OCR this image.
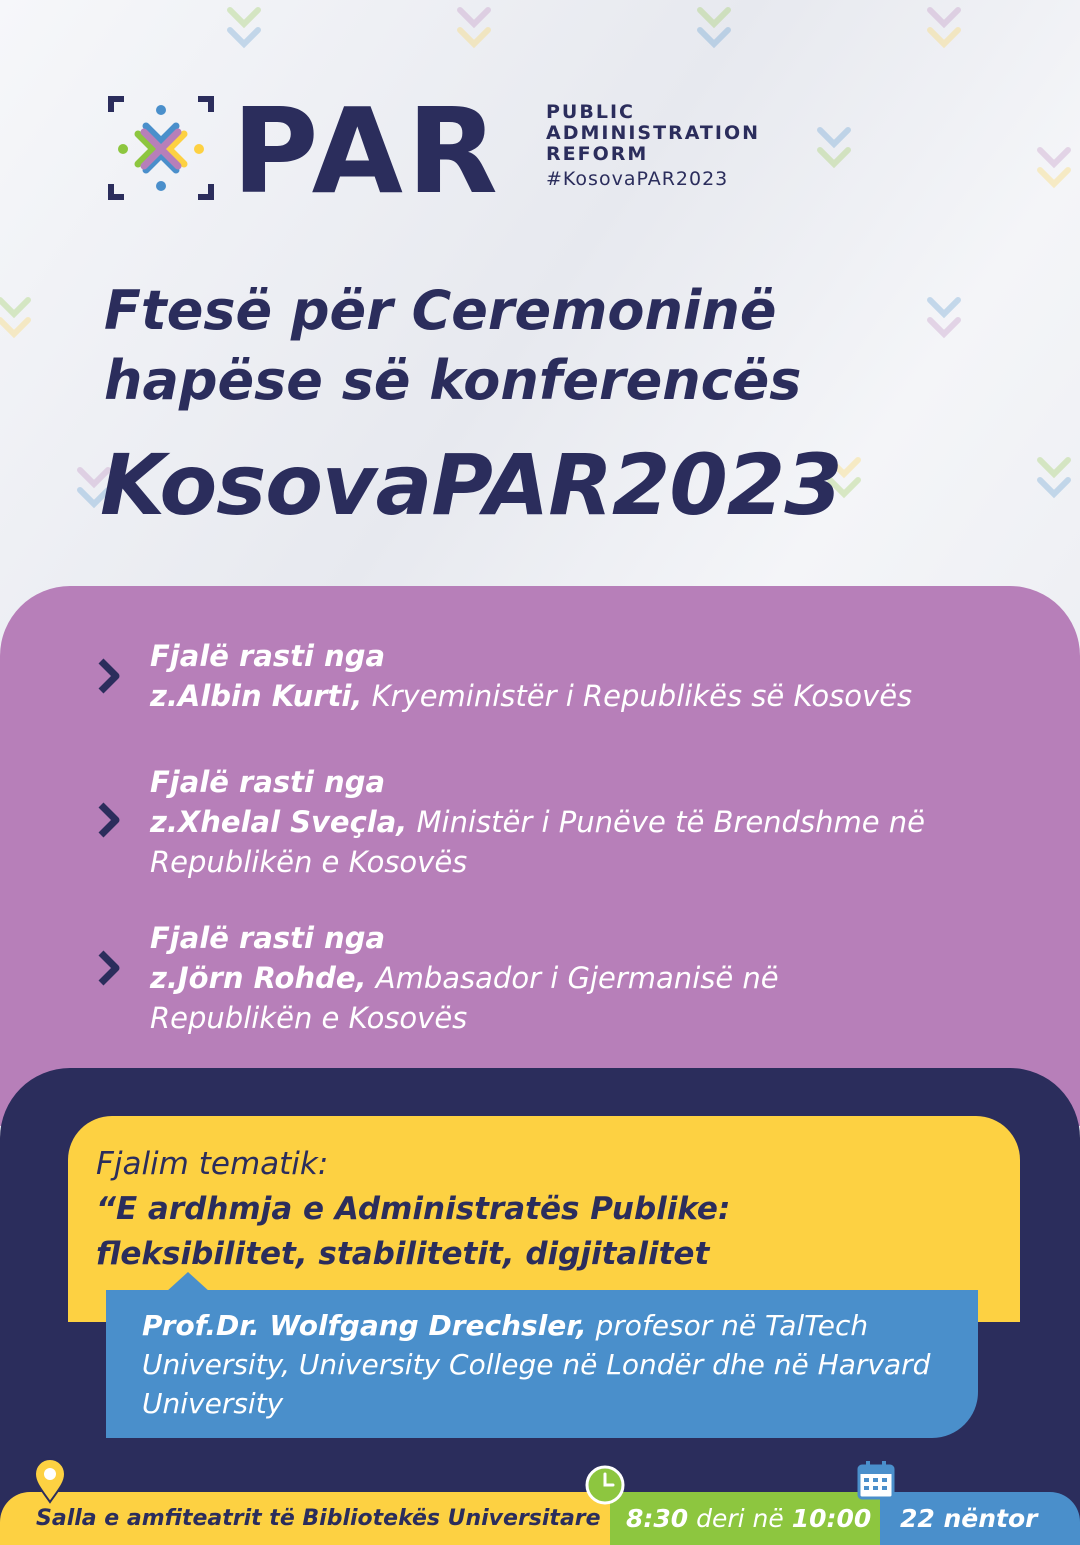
PAR PUBLIC
ADMINISTRATION
REFORM
#KosovaPAR2023
Ftesë për Ceremoninë
hapëse së konferencës
KosovaPAR2023
Fjalë rasti nga
z.Albin Kurti, Kryeministër i Republikës së Kosovës
Fjalë rasti nga
z.Xhelal Sveçla, Ministër i Punëve të Brendshme në Republikën e Kosovës
Fjalë rasti nga
z.Jörn Rohde, Ambasador i Gjermanisë në Republikën e Kosovës
Fjalim tematik:
“E ardhmja e Administratës Publike:
fleksibilitet, stabilitetit, digjitalitet
Prof.Dr. Wolfgang Drechsler, profesor në TalTech University, University College në Londër dhe në Harvard University
Salla e amfiteatrit të Bibliotekës Universitare	8:30 deri në 10:00	22 nëntor
